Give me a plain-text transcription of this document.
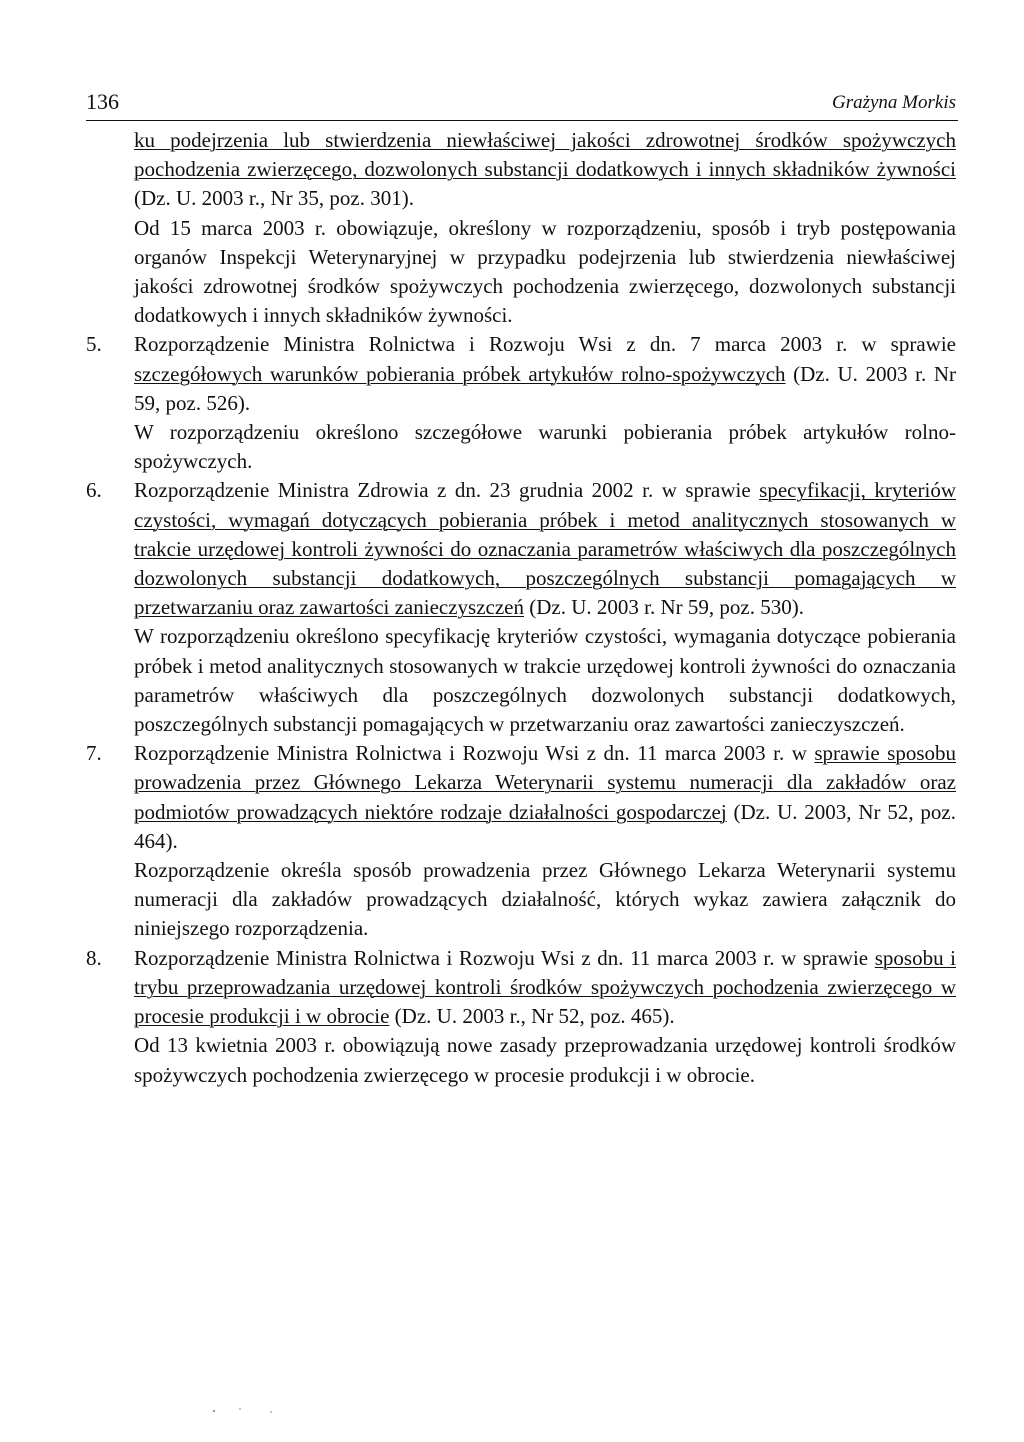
136	Grażyna Morkis

ku podejrzenia lub stwierdzenia niewłaściwej jakości zdrowotnej środków spożywczych pochodzenia zwierzęcego, dozwolonych substancji dodatkowych i innych składników żywności (Dz. U. 2003 r., Nr 35, poz. 301).

Od 15 marca 2003 r. obowiązuje, określony w rozporządzeniu, sposób i tryb postępowania organów Inspekcji Weterynaryjnej w przypadku podejrzenia lub stwierdzenia niewłaściwej jakości zdrowotnej środków spożywczych pochodzenia zwierzęcego, dozwolonych substancji dodatkowych i innych składników żywności.

5.	Rozporządzenie Ministra Rolnictwa i Rozwoju Wsi z dn. 7 marca 2003 r. w sprawie szczegółowych warunków pobierania próbek artykułów rolno-spożywczych (Dz. U. 2003 r. Nr 59, poz. 526).

W rozporządzeniu określono szczegółowe warunki pobierania próbek artykułów rolno-spożywczych.

6.	Rozporządzenie Ministra Zdrowia z dn. 23 grudnia 2002 r. w sprawie specyfikacji, kryteriów czystości, wymagań dotyczących pobierania próbek i metod analitycznych stosowanych w trakcie urzędowej kontroli żywności do oznaczania parametrów właściwych dla poszczególnych dozwolonych substancji dodatkowych, poszczególnych substancji pomagających w przetwarzaniu oraz zawartości zanieczyszczeń (Dz. U. 2003 r. Nr 59, poz. 530).

W rozporządzeniu określono specyfikację kryteriów czystości, wymagania dotyczące pobierania próbek i metod analitycznych stosowanych w trakcie urzędowej kontroli żywności do oznaczania parametrów właściwych dla poszczególnych dozwolonych substancji dodatkowych, poszczególnych substancji pomagających w przetwarzaniu oraz zawartości zanieczyszczeń.

7.	Rozporządzenie Ministra Rolnictwa i Rozwoju Wsi z dn. 11 marca 2003 r. w sprawie sposobu prowadzenia przez Głównego Lekarza Weterynarii systemu numeracji dla zakładów oraz podmiotów prowadzących niektóre rodzaje działalności gospodarczej (Dz. U. 2003, Nr 52, poz. 464).

Rozporządzenie określa sposób prowadzenia przez Głównego Lekarza Weterynarii systemu numeracji dla zakładów prowadzących działalność, których wykaz zawiera załącznik do niniejszego rozporządzenia.

8.	Rozporządzenie Ministra Rolnictwa i Rozwoju Wsi z dn. 11 marca 2003 r. w sprawie sposobu i trybu przeprowadzania urzędowej kontroli środków spożywczych pochodzenia zwierzęcego w procesie produkcji i w obrocie (Dz. U. 2003 r., Nr 52, poz. 465).

Od 13 kwietnia 2003 r. obowiązują nowe zasady przeprowadzania urzędowej kontroli środków spożywczych pochodzenia zwierzęcego w procesie produkcji i w obrocie.
